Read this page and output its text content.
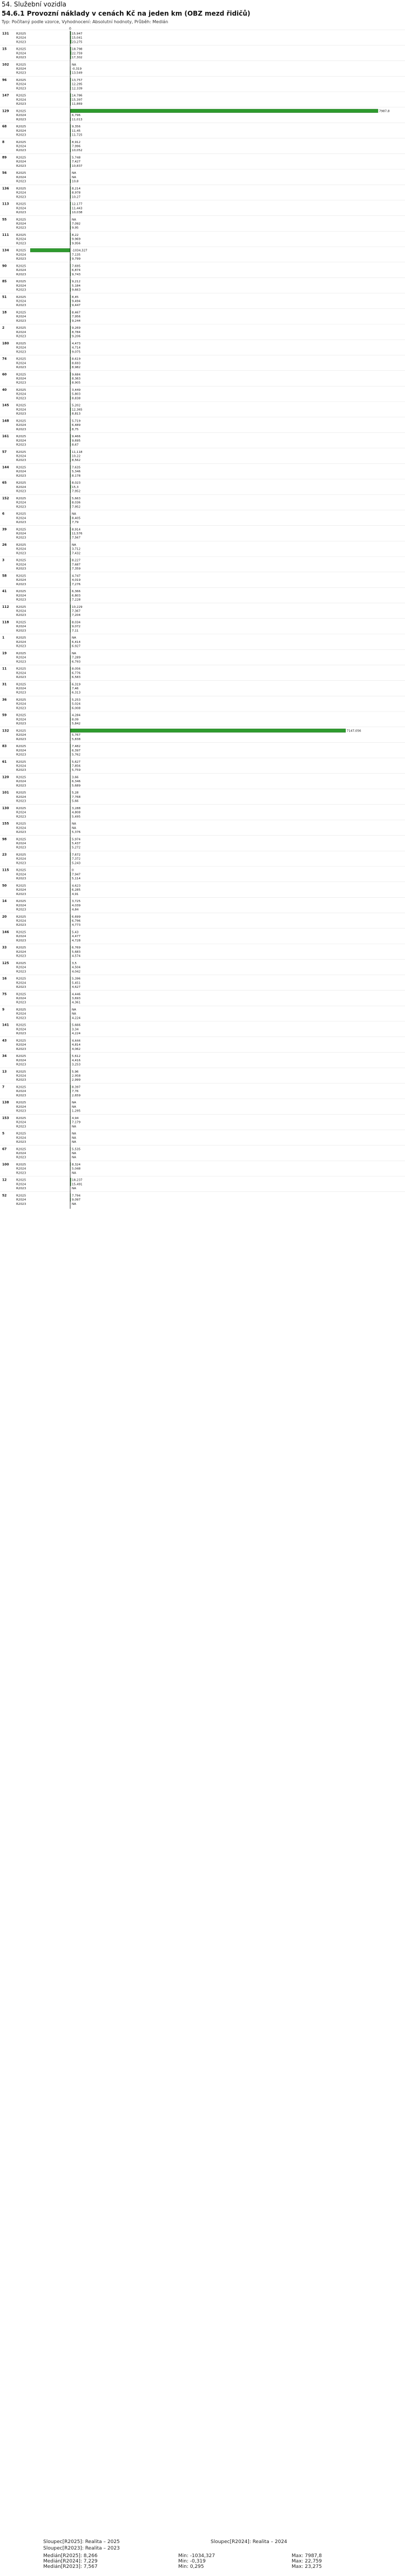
54. Služební vozidla
54.6.1 Provozní náklady v cenách Kč na jeden km (OBZ mezd řidičů)
Typ: Počítaný podle vzorce, Vyhodnocení: Absolutní hodnoty, Průběh: Medián
0
131 R2025	15,947
R2024	15,041
R2023	23,275
15	R2025	18,798
R2024	22,759
R2023	17,302
102 R2025	NA
R2024	-0,319
R2023	13,549
96	R2025	13,757
R2024	12,295
R2023	12,339
147 R2025	14,786
R2024	15,397
R2023	11,869
129 R2025	7987,8
R2024	6,796
R2023	11,013
68	R2025	9,356
R2024	11,45
R2023	11,725
8	R2025	8,912
R2024	7,996
R2023	10,052
89	R2025	5,748
R2024	7,427
R2023	10,837
56	R2025	NA
R2024	NA
R2023	10,8
136 R2025	8,214
R2024	8,978
R2023	10,27
113 R2025	12,177
R2024	11,443
R2023	10,038
55	R2025	NA
R2024	7,092
R2023	9,95
111 R2025	8,22
R2024	9,969
R2023	9,956
134 R2025	-1034,327
R2024	7,135
R2023	9,799
90	R2025	7,695
R2024	6,874
R2023	9,743
85	R2025	9,212
R2024	5,184
R2023	9,663
51	R2025	8,45
R2024	9,494
R2023	9,447
18	R2025	8,467
R2024	7,956
R2023	9,244
2	R2025	9,269
R2024	8,784
R2023	9,206
180 R2025	4,473
R2024	4,714
R2023	9,075
74	R2025	8,619
R2024	8,693
R2023	8,982
60	R2025	9,684
R2024	8,363
R2023	8,905
40	R2025	3,449
R2024	5,803
R2023	8,838
145 R2025	5,202
R2024	12,365
R2023	8,813
148 R2025	5,719
R2024	6,489
R2023	8,75
161 R2025	9,466
R2024	9,695
R2023	8,67
57	R2025	11,118
R2024	10,22
R2023	8,562
144 R2025	7,635
R2024	5,346
R2023	8,178
65	R2025	8,023
R2024	15,3
R2023	7,952
152 R2025	5,663
R2024	8,036
R2023	7,952
6	R2025	NA
R2024	8,405
R2023	7,79
39	R2025	8,914
R2024	11,576
R2023	7,567
26	R2025	NA
R2024	3,712
R2023	7,432
3	R2025	8,227
R2024	7,687
R2023	7,359
58	R2025	4,747
R2024	4,019
R2023	7,276
41	R2025	6,366
R2024	6,803
R2023	7,228
112 R2025	10,229
R2024	7,367
R2023	7,204
118 R2025	8,034
R2024	9,072
R2023	7,11
1	R2025	NA
R2024	6,414
R2023	6,927
19	R2025	NA
R2024	7,289
R2023	6,793
11	R2025	8,056
R2024	6,776
R2023	6,583
31	R2025	6,319
R2024	7,46
R2023	6,313
36	R2025	5,253
R2024	5,024
R2023	6,008
59	R2025	4,284
R2024	8,09
R2023	5,842
132 R2025	7147,056
R2024	5,767
R2023	5,838
83	R2025	7,482
R2024	6,397
R2023	5,762
61	R2025	5,627
R2024	7,856
R2023	5,759
120 R2025	3,66
R2024	6,346
R2023	5,689
101 R2025	5,28
R2024	7,768
R2023	5,66
130 R2025	3,288
R2024	4,808
R2023	5,495
155 R2025	NA
R2024	NA
R2023	5,376
98	R2025	5,974
R2024	5,437
R2023	5,272
23	R2025	7,672
R2024	7,372
R2023	5,243
115 R2025	0
R2024	7,947
R2023	5,114
50	R2025	4,623
R2024	6,285
R2023	4,91
14	R2025	3,725
R2024	4,039
R2023	4,84
20	R2025	6,699
R2024	6,796
R2023	4,773
146 R2025	5,43
R2024	4,477
R2023	4,728
33	R2025	6,769
R2024	5,683
R2023	4,574
125 R2025	3,5
R2024	4,504
R2023	4,042
16	R2025	5,396
R2024	5,451
R2023	4,627
75	R2025	4,446
R2024	3,693
R2023	4,361
9	R2025	NA
R2024	NA
R2023	4,224
141 R2025	5,666
R2024	3,34
R2023	4,224
43	R2025	4,444
R2024	4,814
R2023	4,062
34	R2025	5,612
R2024	4,416
R2023	3,253
13	R2025	5,96
R2024	2,958
R2023	2,999
7	R2025	8,397
R2024	7,76
R2023	2,659
138 R2025	NA
R2024	NA
R2023	1,295
153 R2025	4,94
R2024	7,179
R2023	NA
5	R2025	NA
R2024	NA
R2023	NA
67	R2025	5,535
R2024	NA
R2023	NA
100 R2025	8,324
R2024	5,048
R2023	NA
12	R2025	18,237
R2024	15,491
R2023	NA
52	R2025	7,794
R2024	9,097
R2023	NA
Sloupec[R2025]: Realita – 2025	Sloupec[R2024]: Realita – 2024
Sloupec[R2023]: Realita – 2023
Medián[R2025]: 8,266	Min: -1034,327	Max: 7987,8
Medián[R2024]: 7,229	Min: -0,319	Max: 22,759
Medián[R2023]: 7,567	Min: 0,295	Max: 23,275
